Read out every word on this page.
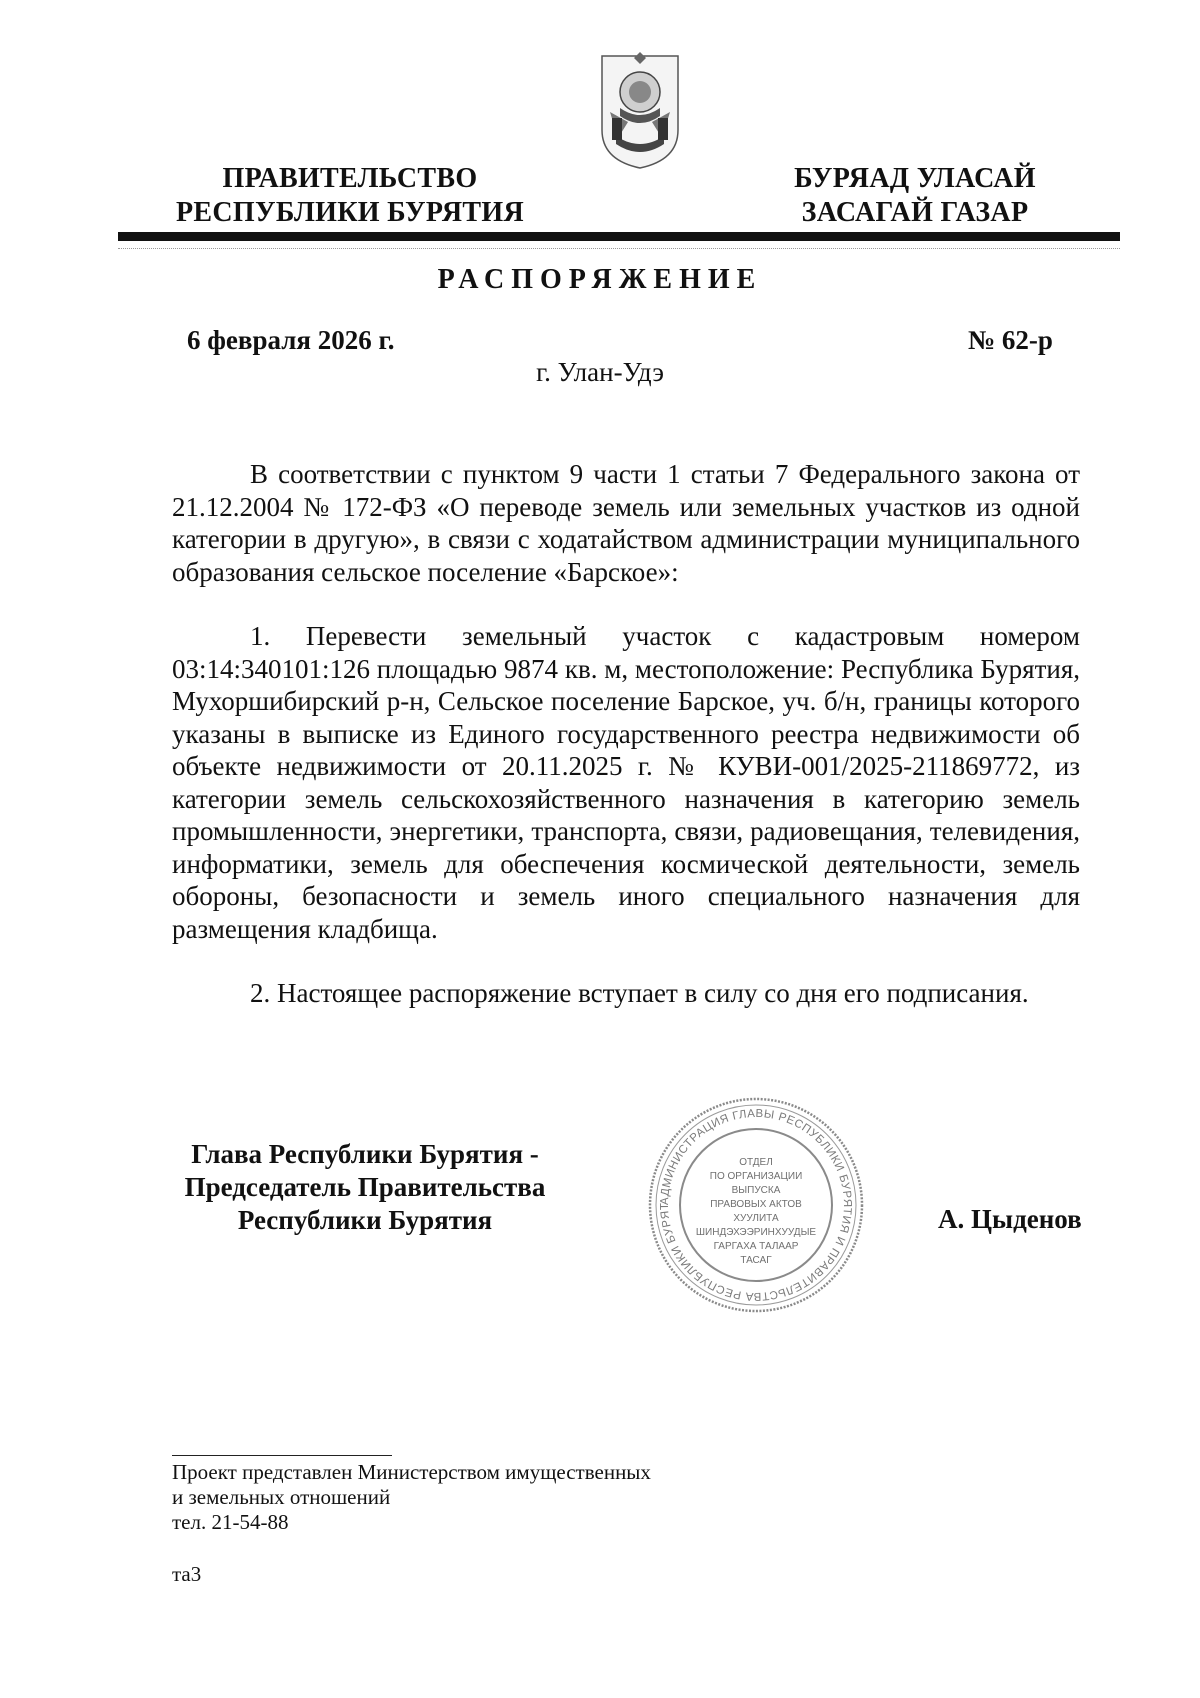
ПРАВИТЕЛЬСТВО
РЕСПУБЛИКИ БУРЯТИЯ
БУРЯАД УЛАСАЙ
ЗАСАГАЙ ГАЗАР
РАСПОРЯЖЕНИЕ
6 февраля 2026 г.	№ 62-р
г. Улан-Удэ

В соответствии с пунктом 9 части 1 статьи 7 Федерального закона от 21.12.2004 № 172-ФЗ «О переводе земель или земельных участков из одной категории в другую», в связи с ходатайством администрации муниципального образования сельское поселение «Барское»:

1. Перевести земельный участок с кадастровым номером 03:14:340101:126 площадью 9874 кв. м, местоположение: Республика Бурятия, Мухоршибирский р-н, Сельское поселение Барское, уч. б/н, границы которого указаны в выписке из Единого государственного реестра недвижимости об объекте недвижимости от 20.11.2025 г. № КУВИ-001/2025-211869772, из категории земель сельскохозяйственного назначения в категорию земель промышленности, энергетики, транспорта, связи, радиовещания, телевидения, информатики, земель для обеспечения космической деятельности, земель обороны, безопасности и земель иного специального назначения для размещения кладбища.

2. Настоящее распоряжение вступает в силу со дня его подписания.

Глава Республики Бурятия -
Председатель Правительства
Республики Бурятия
АДМИНИСТРАЦИЯ ГЛАВЫ РЕСПУБЛИКИ БУРЯТИЯ И ПРАВИТЕЛЬСТВА РЕСПУБЛИКИ БУРЯТ
ОТДЕЛ
ПО ОРГАНИЗАЦИИ
ВЫПУСКА
ПРАВОВЫХ АКТОВ
ХУУЛИТА
ШИНДЭХЭЭРИНХУУДЫЕ
ГАРГАХА ТАЛААР
ТАСАГ
А. Цыденов
Проект представлен Министерством имущественных
и земельных отношений
тел. 21-54-88
та3
